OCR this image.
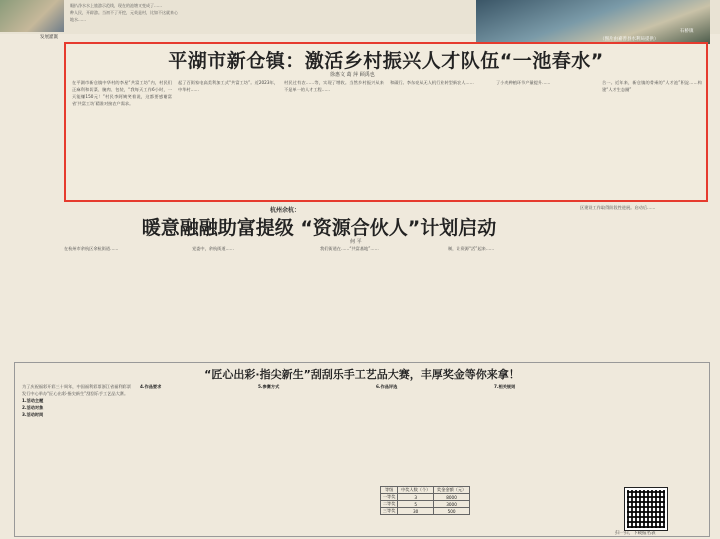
发展灌溉
眼扒净水水上旅游示范线，现在的池塘又变成了……
种人民，开辟游。当初不了开挖，元英是村，比如不这就来心
地水……
石桥镇
（图片由嘉善县水利局提供）
平湖市新仓镇：激活乡村振兴人才队伍“一池春水”
徐惠文 葛 萍 顾禹也
在平湖市新仓镇中华村的李星“共富工坊”内，村民们正麻利和切菜、腌肉、包装，“我每天工作6小时，一天能赚150元！”村民李阿姨笑着说，这都要感谢富省‘共富工坊’精准对接农户需求。
起了百街家电高美利加工式“共富工坊”。近2023年，中华村……
村民过有农……等，实现了增收。当然乡村振兴从来不是单一的人才工程……
和碳行。李东亮从无人机行业转型新农人……	了小麦种植环节产量提升……	合一。近年来，新仓镇的骨乘的“人才池”积淀……构建“人才生态圈”
杭州余杭：
暖意融融助富提级 “资源合伙人”计划启动
何 平
在杭州市余杭区余杭街道……	党委中，余杭街道……	我们街道在……“共富基地”……	制，让资源“活”起来……
区建设工作取得阶段性进展。启动后……
“匠心出彩·指尖新生”刮刮乐手工艺品大赛，丰厚奖金等你来拿！
为了庆祝福彩开彩三十周年，中国福利彩票浙江省福利彩票发行中心举办“匠心出彩·指尖新生”刮刮乐手工艺品大赛。
1.活动主题
2.活动对象
3.活动时间
4.作品要求	5.参赛方式	6.作品评选	7.相关规则
等级	中奖人数（个）	奖金金额（元）
一等奖	3	8000
二等奖	5	3000
三等奖	30	500
扫一扫，下载报名表
